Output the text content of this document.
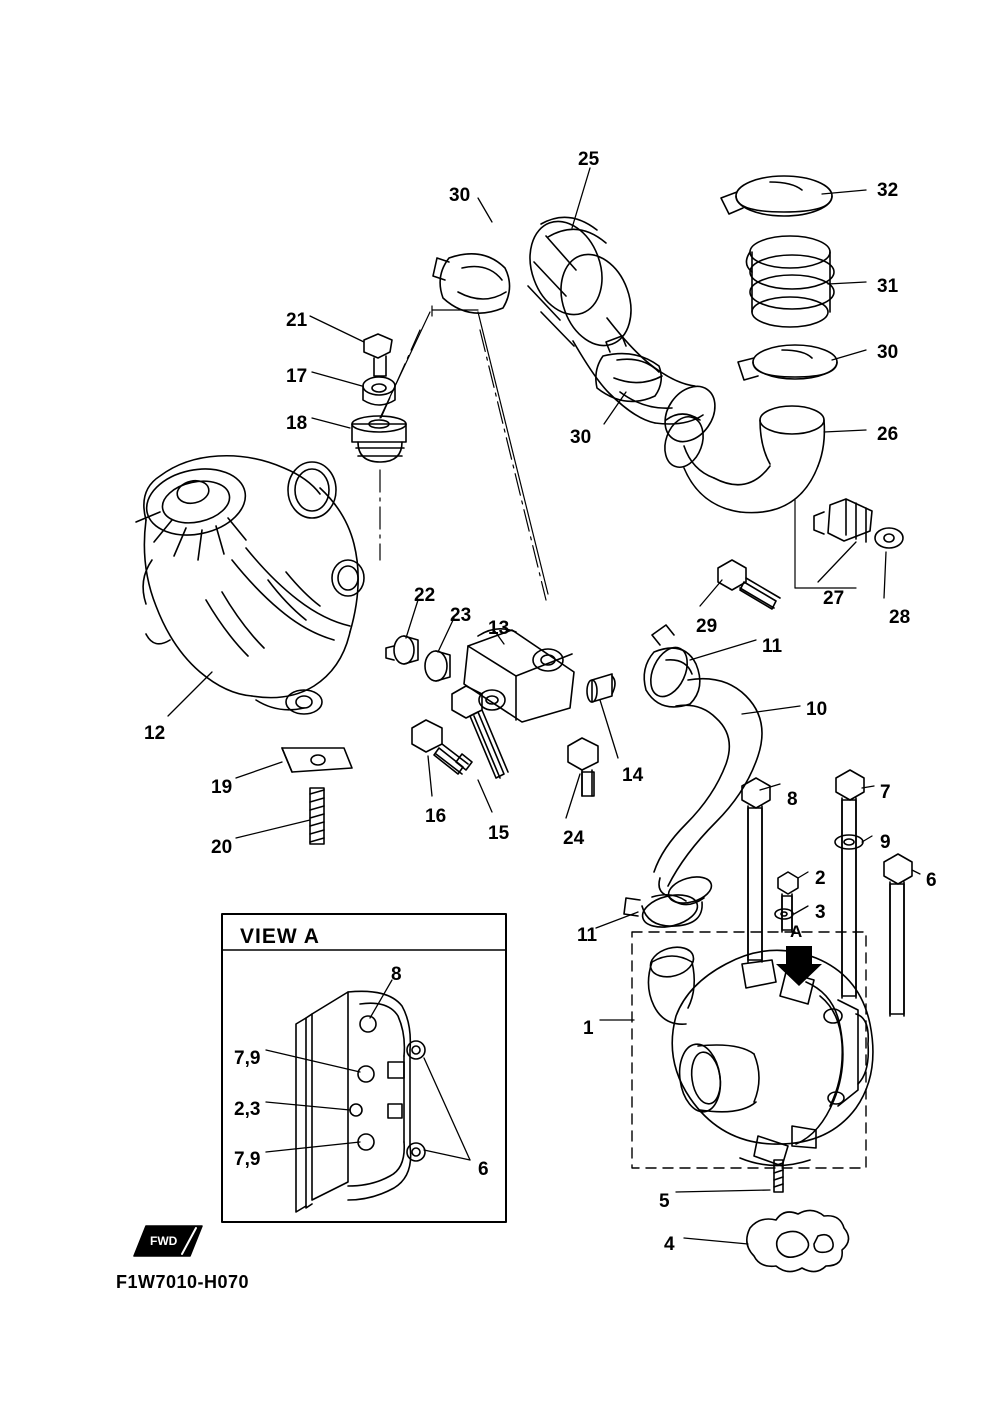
FWD
VIEW A	A
F1W7010-H070
30
25
32
31
30
21
17
18
30	26
27
28
29
22
23
13
11
10
12
14
19
16
15	24
20
8	7
9
2	6
3
11
1
5
4
8
7,9
2,3
7,9	6
